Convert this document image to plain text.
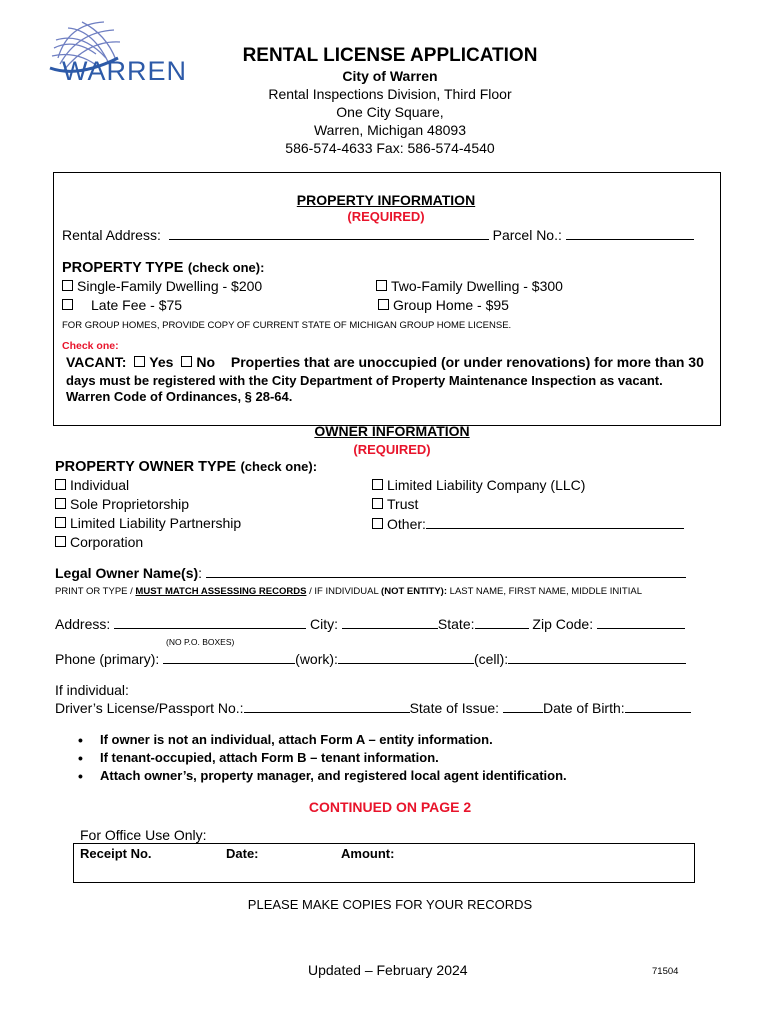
WARREN
RENTAL LICENSE APPLICATION
City of Warren
Rental Inspections Division, Third Floor
One City Square,
Warren, Michigan 48093
586-574-4633 Fax: 586-574-4540
PROPERTY INFORMATION
(REQUIRED)
Rental Address:	Parcel No.:
PROPERTY TYPE (check one):
Single-Family Dwelling - $200	Two-Family Dwelling - $300
Late Fee - $75	Group Home - $95
FOR GROUP HOMES, PROVIDE COPY OF CURRENT STATE OF MICHIGAN GROUP HOME LICENSE.
Check one:
VACANT: Yes No Properties that are unoccupied (or under renovations) for more than 30
days must be registered with the City Department of Property Maintenance Inspection as vacant.
Warren Code of Ordinances, § 28-64.
OWNER INFORMATION
(REQUIRED)
PROPERTY OWNER TYPE (check one):
Individual
Sole Proprietorship
Limited Liability Partnership
Corporation
Limited Liability Company (LLC)
Trust
Other:
Legal Owner Name(s):
PRINT OR TYPE / MUST MATCH ASSESSING RECORDS / IF INDIVIDUAL (NOT ENTITY): LAST NAME, FIRST NAME, MIDDLE INITIAL
Address:	City:	State:	Zip Code:
(NO P.O. BOXES)
Phone (primary):	(work):	(cell):
If individual:
Driver’s License/Passport No.:	State of Issue:	Date of Birth:
• If owner is not an individual, attach Form A – entity information.
• If tenant-occupied, attach Form B – tenant information.
• Attach owner’s, property manager, and registered local agent identification.
CONTINUED ON PAGE 2
For Office Use Only:
Receipt No.	Date:	Amount:
PLEASE MAKE COPIES FOR YOUR RECORDS
Updated – February 2024	71504
